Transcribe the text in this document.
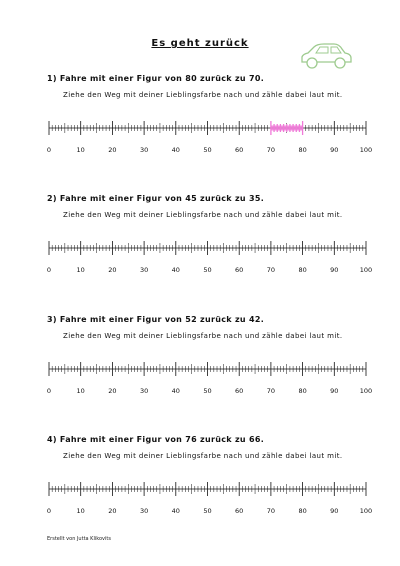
Es geht zurück
1) Fahre mit einer Figur von 80 zurück zu 70.
Ziehe den Weg mit deiner Lieblingsfarbe nach und zähle dabei laut mit.
0	10	20	30	40	50	60	70	80	90	100
2) Fahre mit einer Figur von 45 zurück zu 35.
Ziehe den Weg mit deiner Lieblingsfarbe nach und zähle dabei laut mit.
0	10	20	30	40	50	60	70	80	90	100
3) Fahre mit einer Figur von 52 zurück zu 42.
Ziehe den Weg mit deiner Lieblingsfarbe nach und zähle dabei laut mit.
0	10	20	30	40	50	60	70	80	90	100
4) Fahre mit einer Figur von 76 zurück zu 66.
Ziehe den Weg mit deiner Lieblingsfarbe nach und zähle dabei laut mit.
0	10	20	30	40	50	60	70	80	90	100
Erstellt von Jutta Klikovits
